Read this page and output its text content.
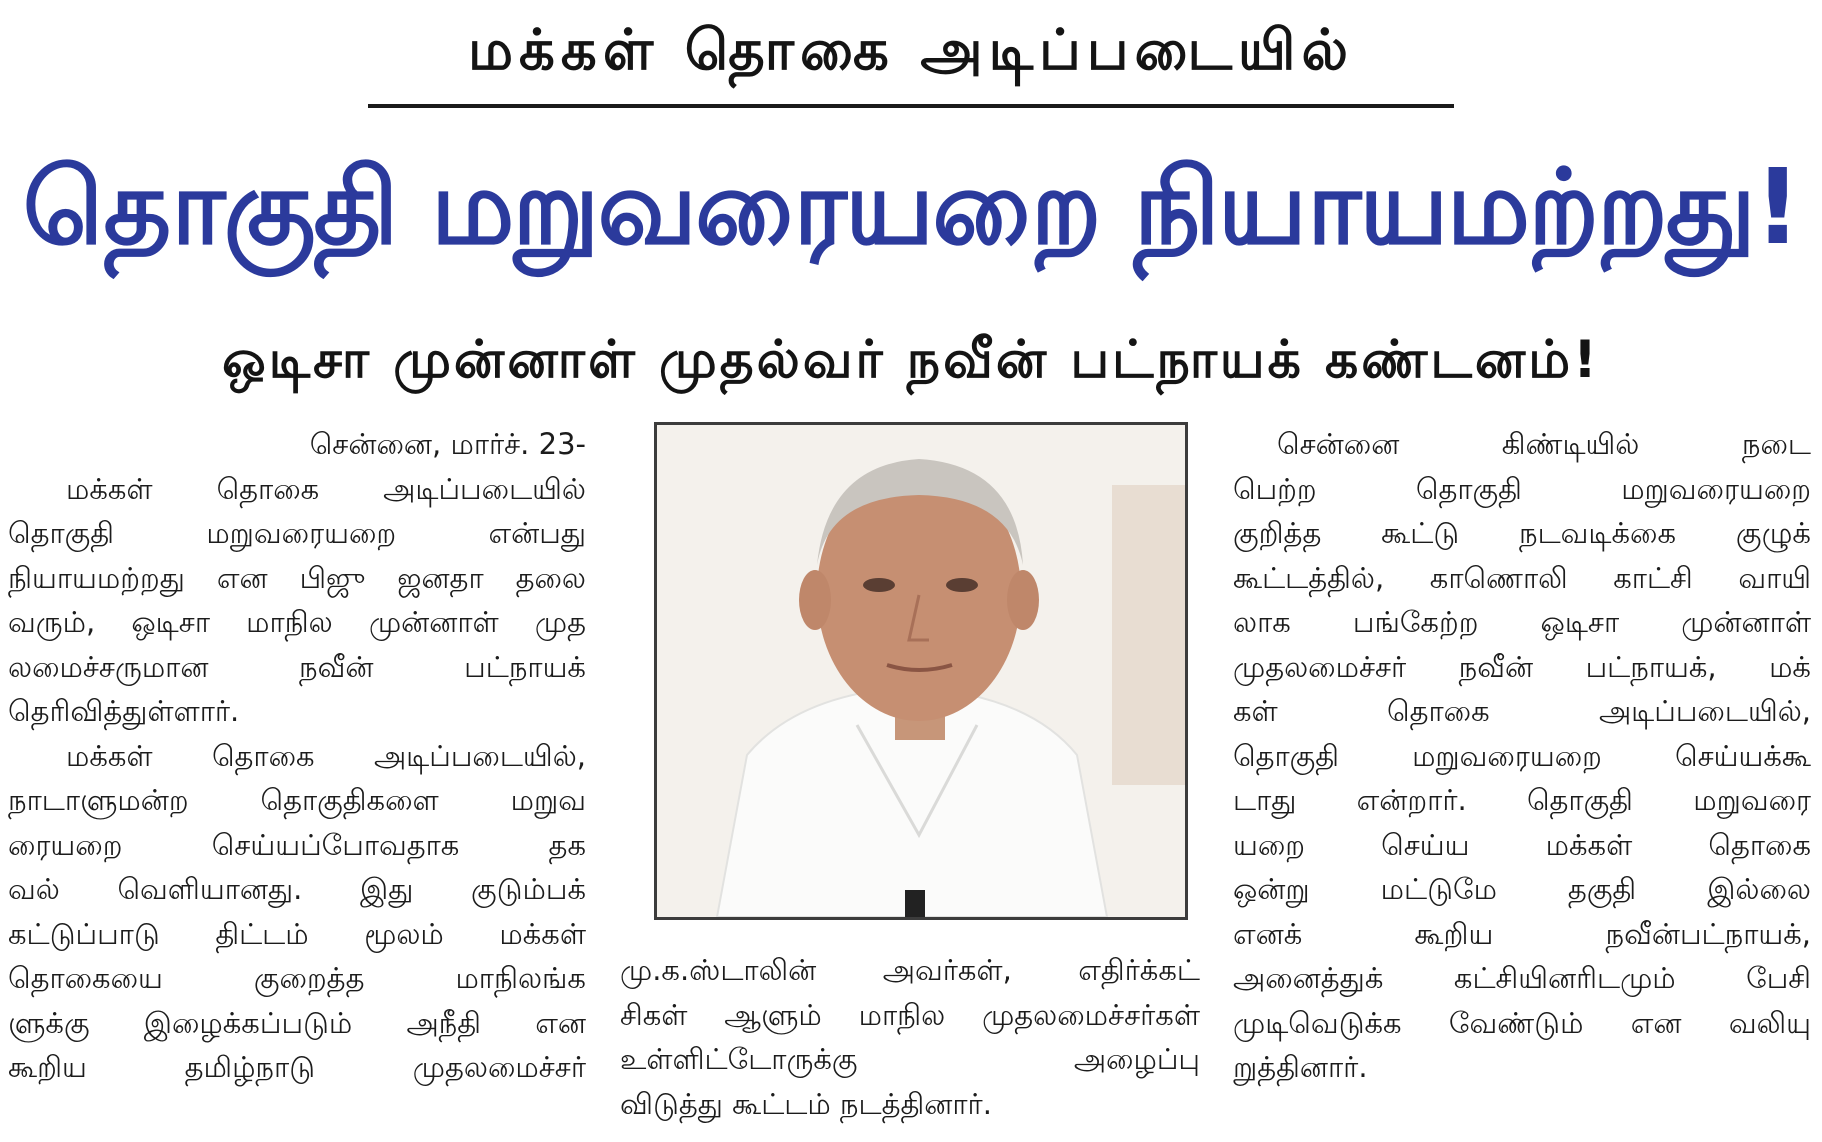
மக்கள் தொகை அடிப்படையில்
தொகுதி மறுவரையறை நியாயமற்றது!
ஒடிசா முன்னாள் முதல்வர் நவீன் பட்நாயக் கண்டனம்!

சென்னை, மார்ச். 23-

மக்கள் தொகை அடிப்படையில்

தொகுதி மறுவரையறை என்பது

நியாயமற்றது என பிஜு ஜனதா தலை

வரும், ஒடிசா மாநில முன்னாள் முத

லமைச்சருமான நவீன் பட்நாயக்

தெரிவித்துள்ளார்.

மக்கள் தொகை அடிப்படையில்,

நாடாளுமன்ற தொகுதிகளை மறுவ

ரையறை செய்யப்போவதாக தக

வல் வெளியானது. இது குடும்பக்

கட்டுப்பாடு திட்டம் மூலம் மக்கள்

தொகையை குறைத்த மாநிலங்க

ளுக்கு இழைக்கப்படும் அநீதி என

கூறிய தமிழ்நாடு முதலமைச்சர்

மு.க.ஸ்டாலின் அவர்கள், எதிர்க்கட்

சிகள் ஆளும் மாநில முதலமைச்சர்கள்

உள்ளிட்டோருக்கு அழைப்பு

விடுத்து கூட்டம் நடத்தினார்.

சென்னை கிண்டியில் நடை

பெற்ற தொகுதி மறுவரையறை

குறித்த கூட்டு நடவடிக்கை குழுக்

கூட்டத்தில், காணொலி காட்சி வாயி

லாக பங்கேற்ற ஒடிசா முன்னாள்

முதலமைச்சர் நவீன் பட்நாயக், மக்

கள் தொகை அடிப்படையில்,

தொகுதி மறுவரையறை செய்யக்கூ

டாது என்றார். தொகுதி மறுவரை

யறை செய்ய மக்கள் தொகை

ஒன்று மட்டுமே தகுதி இல்லை

எனக் கூறிய நவீன்பட்நாயக்,

அனைத்துக் கட்சியினரிடமும் பேசி

முடிவெடுக்க வேண்டும் என வலியு

றுத்தினார்.
